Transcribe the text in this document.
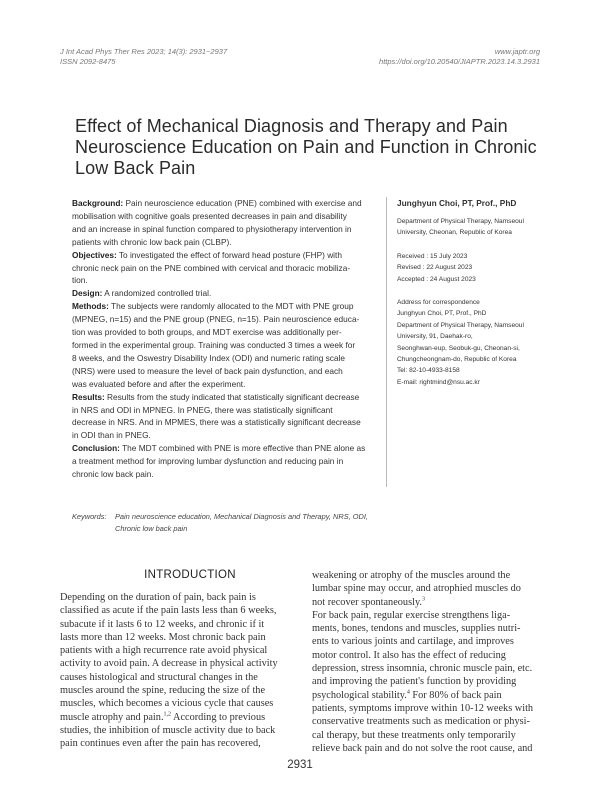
J Int Acad Phys Ther Res 2023; 14(3): 2931~2937
ISSN 2092-8475
www.japtr.org
https://doi.org/10.20540/JIAPTR.2023.14.3.2931
Effect of Mechanical Diagnosis and Therapy and Pain
Neuroscience Education on Pain and Function in Chronic
Low Back Pain

Background: Pain neuroscience education (PNE) combined with exercise and
mobilisation with cognitive goals presented decreases in pain and disability
and an increase in spinal function compared to physiotherapy intervention in
patients with chronic low back pain (CLBP).

Objectives: To investigated the effect of forward head posture (FHP) with
chronic neck pain on the PNE combined with cervical and thoracic mobiliza-
tion.

Design: A randomized controlled trial.

Methods: The subjects were randomly allocated to the MDT with PNE group
(MPNEG, n=15) and the PNE group (PNEG, n=15). Pain neuroscience educa-
tion was provided to both groups, and MDT exercise was additionally per-
formed in the experimental group. Training was conducted 3 times a week for
8 weeks, and the Oswestry Disability Index (ODI) and numeric rating scale
(NRS) were used to measure the level of back pain dysfunction, and each
was evaluated before and after the experiment.

Results: Results from the study indicated that statistically significant decrease
in NRS and ODI in MPNEG. In PNEG, there was statistically significant
decrease in NRS. And in MPMES, there was a statistically significant decrease
in ODI than in PNEG.

Conclusion: The MDT combined with PNE is more effective than PNE alone as
a treatment method for improving lumbar dysfunction and reducing pain in
chronic low back pain.

Junghyun Choi, PT, Prof., PhD
Department of Physical Therapy, Namseoul
University, Cheonan, Republic of Korea
Received : 15 July 2023
Revised : 22 August 2023
Accepted : 24 August 2023
Address for correspondence
Junghyun Choi, PT, Prof., PhD
Department of Physical Therapy, Namseoul
University, 91, Daehak-ro,
Seonghwan-eup, Seobuk-gu, Cheonan-si,
Chungcheongnam-do, Republic of Korea
Tel: 82-10-4933-8158
E-mail: rightmind@nsu.ac.kr
Keywords: Pain neuroscience education, Mechanical Diagnosis and Therapy, NRS, ODI,
Chronic low back pain
INTRODUCTION
Depending on the duration of pain, back pain is
classified as acute if the pain lasts less than 6 weeks,
subacute if it lasts 6 to 12 weeks, and chronic if it
lasts more than 12 weeks. Most chronic back pain
patients with a high recurrence rate avoid physical
activity to avoid pain. A decrease in physical activity
causes histological and structural changes in the
muscles around the spine, reducing the size of the
muscles, which becomes a vicious cycle that causes
muscle atrophy and pain.$^{1,2}$ According to previous
studies, the inhibition of muscle activity due to back
pain continues even after the pain has recovered,
weakening or atrophy of the muscles around the
lumbar spine may occur, and atrophied muscles do
not recover spontaneously.$^3$
For back pain, regular exercise strengthens liga-
ments, bones, tendons and muscles, supplies nutri-
ents to various joints and cartilage, and improves
motor control. It also has the effect of reducing
depression, stress insomnia, chronic muscle pain, etc.
and improving the patient's function by providing
psychological stability.$^4$ For 80% of back pain
patients, symptoms improve within 10-12 weeks with
conservative treatments such as medication or physi-
cal therapy, but these treatments only temporarily
relieve back pain and do not solve the root cause, and
2931
